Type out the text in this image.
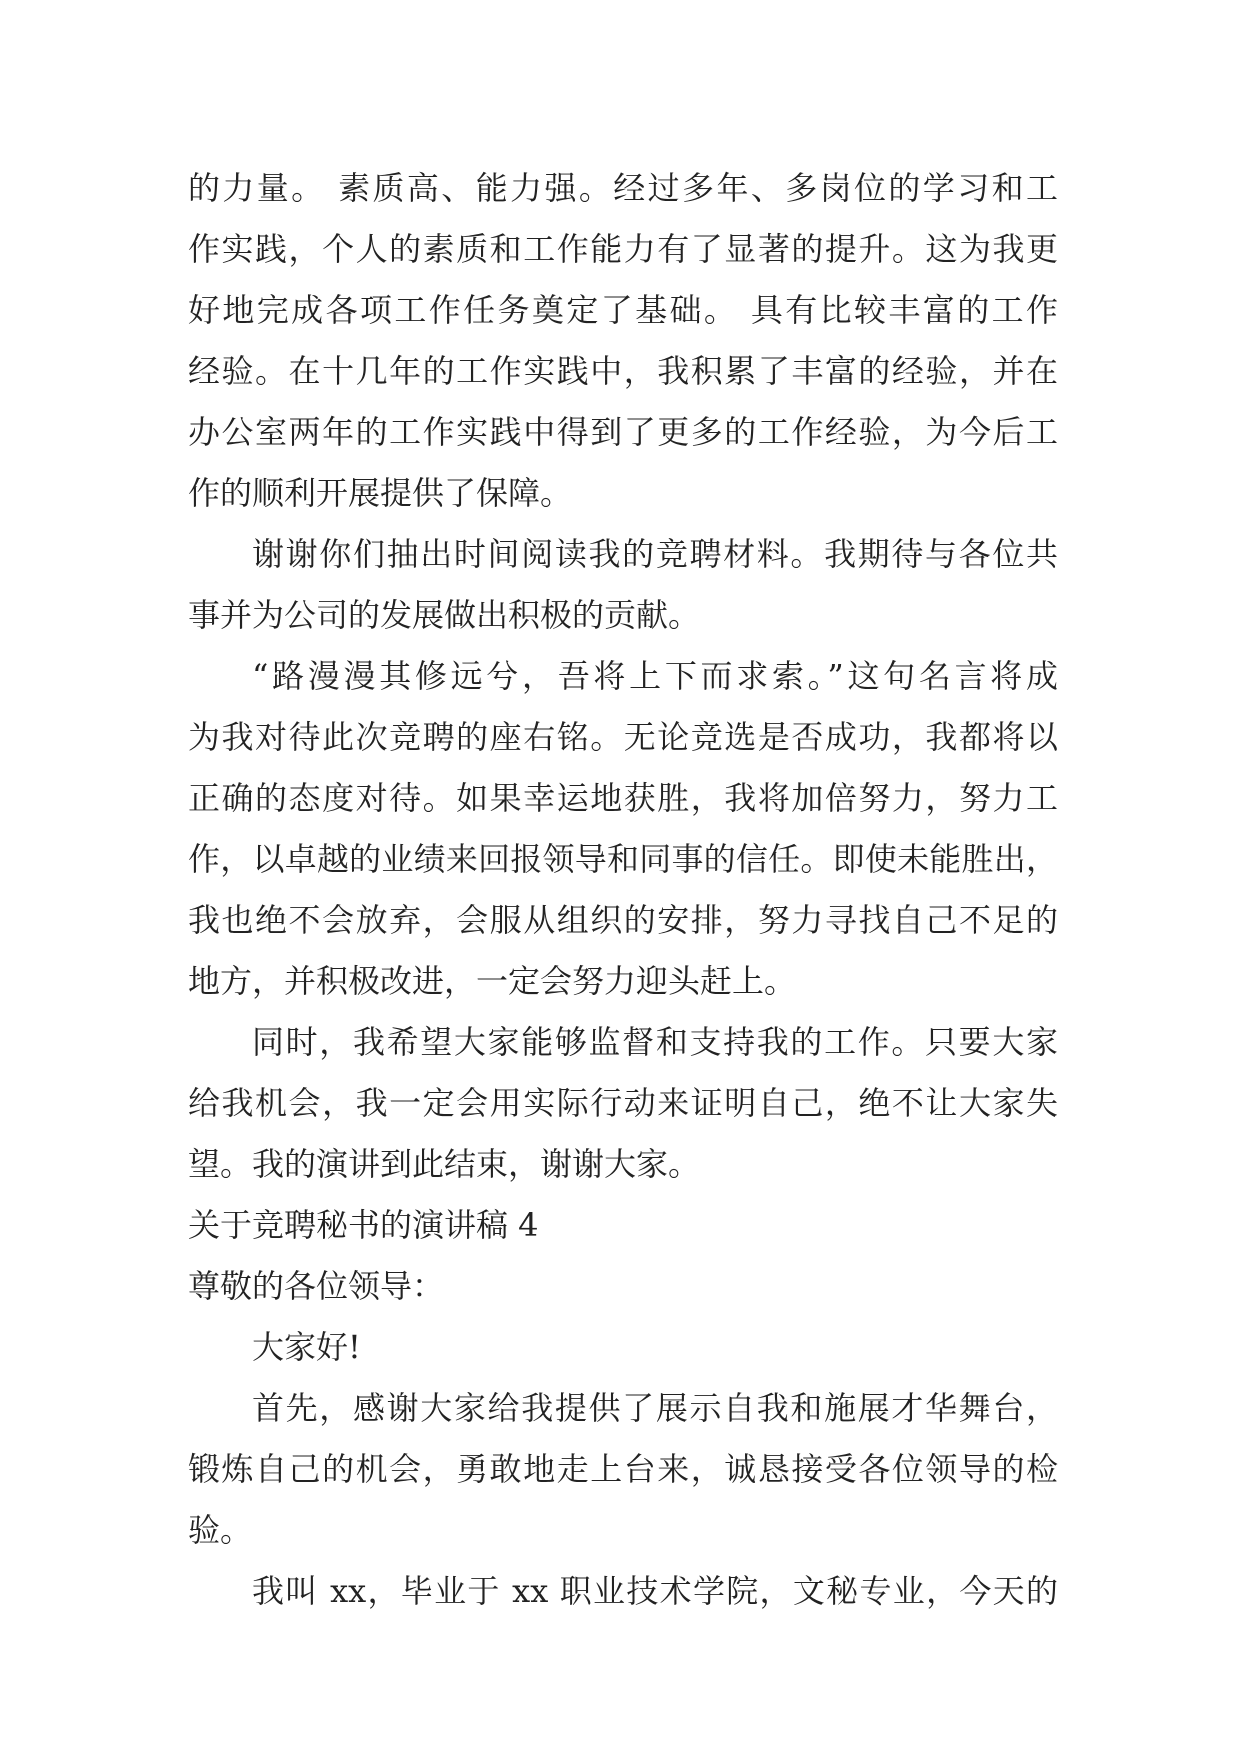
的力量。 素质高、能力强。经过多年、多岗位的学习和工
作实践，个人的素质和工作能力有了显著的提升。这为我更
好地完成各项工作任务奠定了基础。 具有比较丰富的工作
经验。在十几年的工作实践中，我积累了丰富的经验，并在
办公室两年的工作实践中得到了更多的工作经验，为今后工
作的顺利开展提供了保障。
谢谢你们抽出时间阅读我的竞聘材料。我期待与各位共
事并为公司的发展做出积极的贡献。
“路漫漫其修远兮，吾将上下而求索。”这句名言将成
为我对待此次竞聘的座右铭。无论竞选是否成功，我都将以
正确的态度对待。如果幸运地获胜，我将加倍努力，努力工
作，以卓越的业绩来回报领导和同事的信任。即使未能胜出，
我也绝不会放弃，会服从组织的安排，努力寻找自己不足的
地方，并积极改进，一定会努力迎头赶上。
同时，我希望大家能够监督和支持我的工作。只要大家
给我机会，我一定会用实际行动来证明自己，绝不让大家失
望。我的演讲到此结束，谢谢大家。
关于竞聘秘书的演讲稿 4
尊敬的各位领导：
大家好!
首先，感谢大家给我提供了展示自我和施展才华舞台，
锻炼自己的机会，勇敢地走上台来，诚恳接受各位领导的检
验。
我叫 xx，毕业于 xx 职业技术学院，文秘专业，今天的
